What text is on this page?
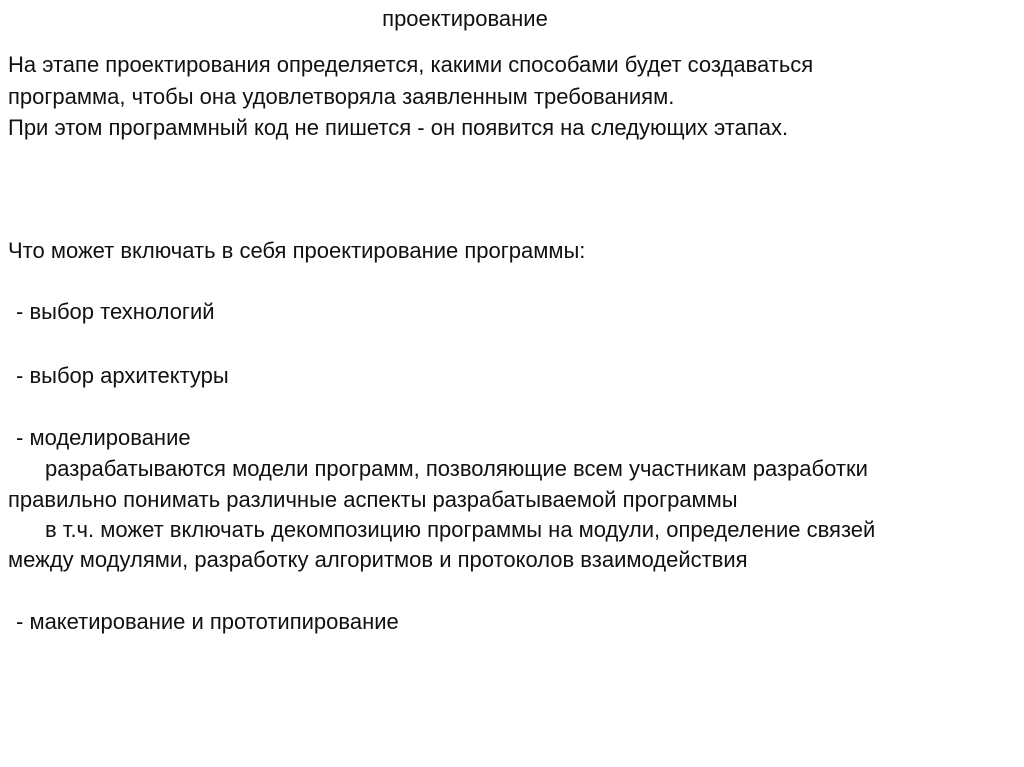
проектирование
На этапе проектирования определяется, какими способами будет создаваться
программа, чтобы она удовлетворяла заявленным требованиям.
При этом программный код не пишется - он появится на следующих этапах.
Что может включать в себя проектирование программы:
- выбор технологий
- выбор архитектуры
- моделирование
разрабатываются модели программ, позволяющие всем участникам разработки
правильно понимать различные аспекты разрабатываемой программы
в т.ч. может включать декомпозицию программы на модули, определение связей
между модулями, разработку алгоритмов и протоколов взаимодействия
- макетирование и прототипирование
